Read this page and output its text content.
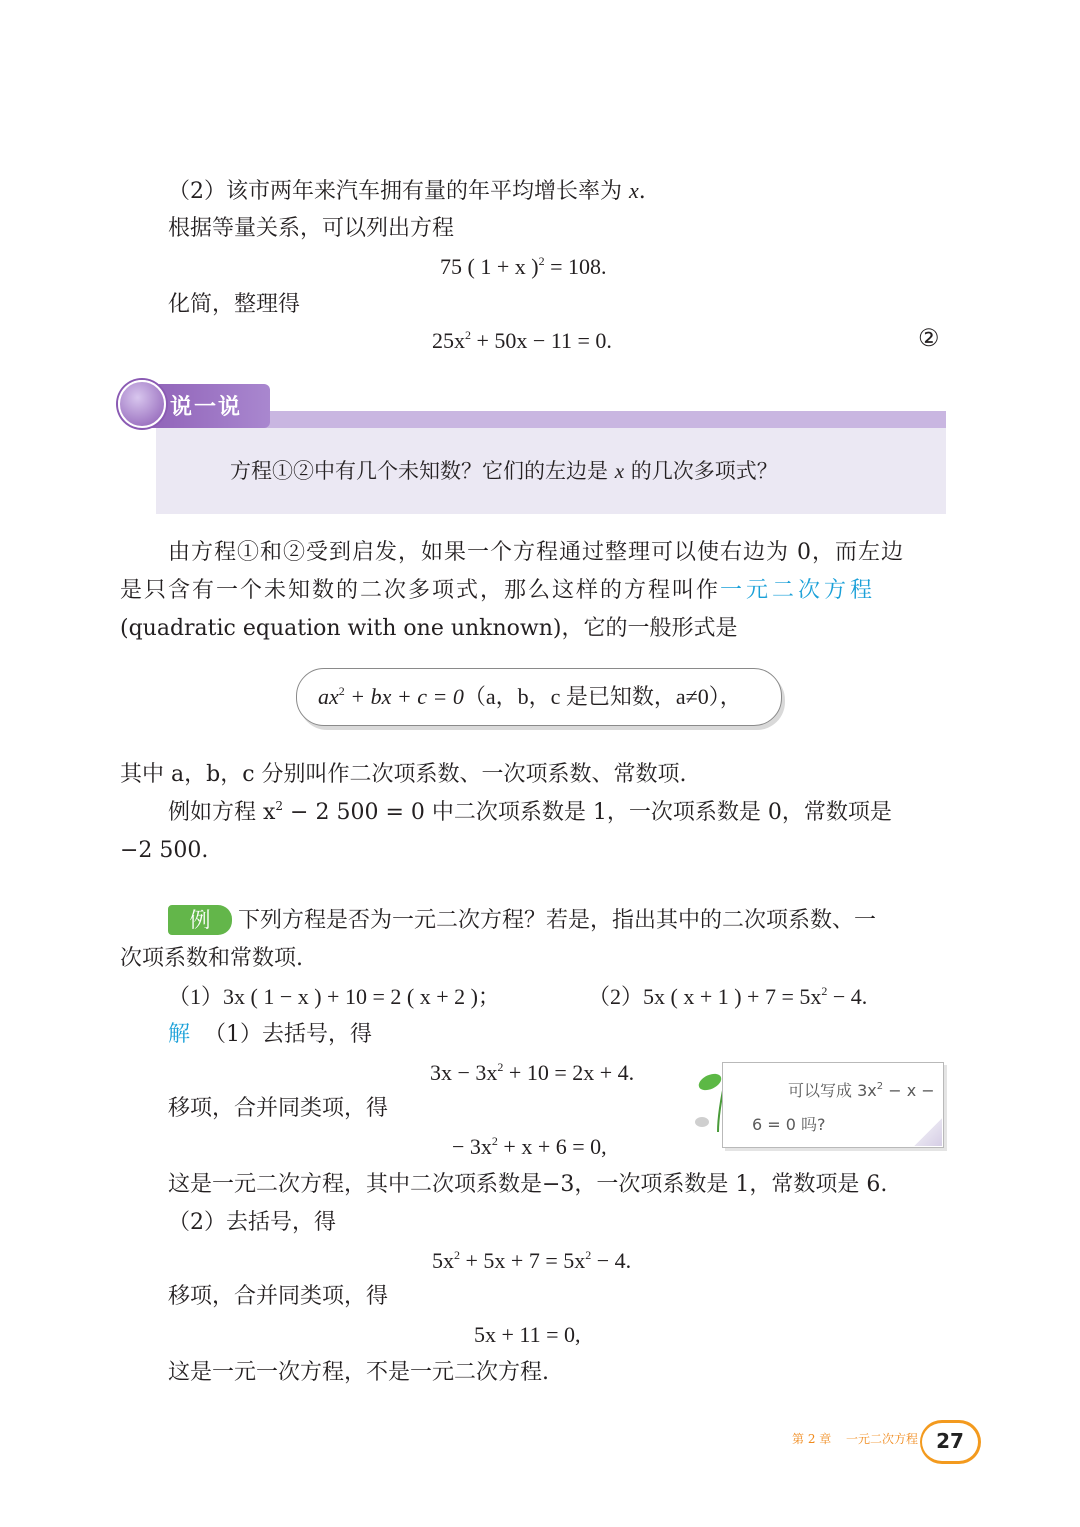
（2）该市两年来汽车拥有量的年平均增长率为 x.
根据等量关系，可以列出方程
75 ( 1 + x )$^2$ = 108.
化简，整理得
$25x^2 + 50x - 11 = 0$.	②
说一说
方程①②中有几个未知数？它们的左边是 x 的几次多项式？
由方程①和②受到启发，如果一个方程通过整理可以使右边为 0，而左边
是只含有一个未知数的二次多项式，那么这样的方程叫作一元二次方程
(quadratic equation with one unknown)，它的一般形式是
$ax^2$ + bx + c = 0（a，b，c 是已知数，a≠0），
其中 a，b，c 分别叫作二次项系数、一次项系数、常数项.
例如方程 $x^2 - 2$ 500 = 0 中二次项系数是 1，一次项系数是 0，常数项是
−2 500.
例	下列方程是否为一元二次方程？若是，指出其中的二次项系数、一
次项系数和常数项.
（1）3x ( 1 − x ) + 10 = 2 ( x + 2 )；	（2）5x ( x + 1 ) + $7 = 5x^2 - 4$.
解 （1）去括号，得
$3x - 3x^2 + 10 = 2x + 4$.
移项，合并同类项，得
− $3x^2 + x + 6 = 0$,
这是一元二次方程，其中二次项系数是−3，一次项系数是 1，常数项是 6.
（2）去括号，得
$5x^2 + 5x + 7 = 5x^2 - 4$.
移项，合并同类项，得
5x + 11 = 0,
这是一元一次方程，不是一元二次方程.
可以写成 $3x^2 - x$ −
6 = 0 吗?
第 2 章 一元二次方程 27
